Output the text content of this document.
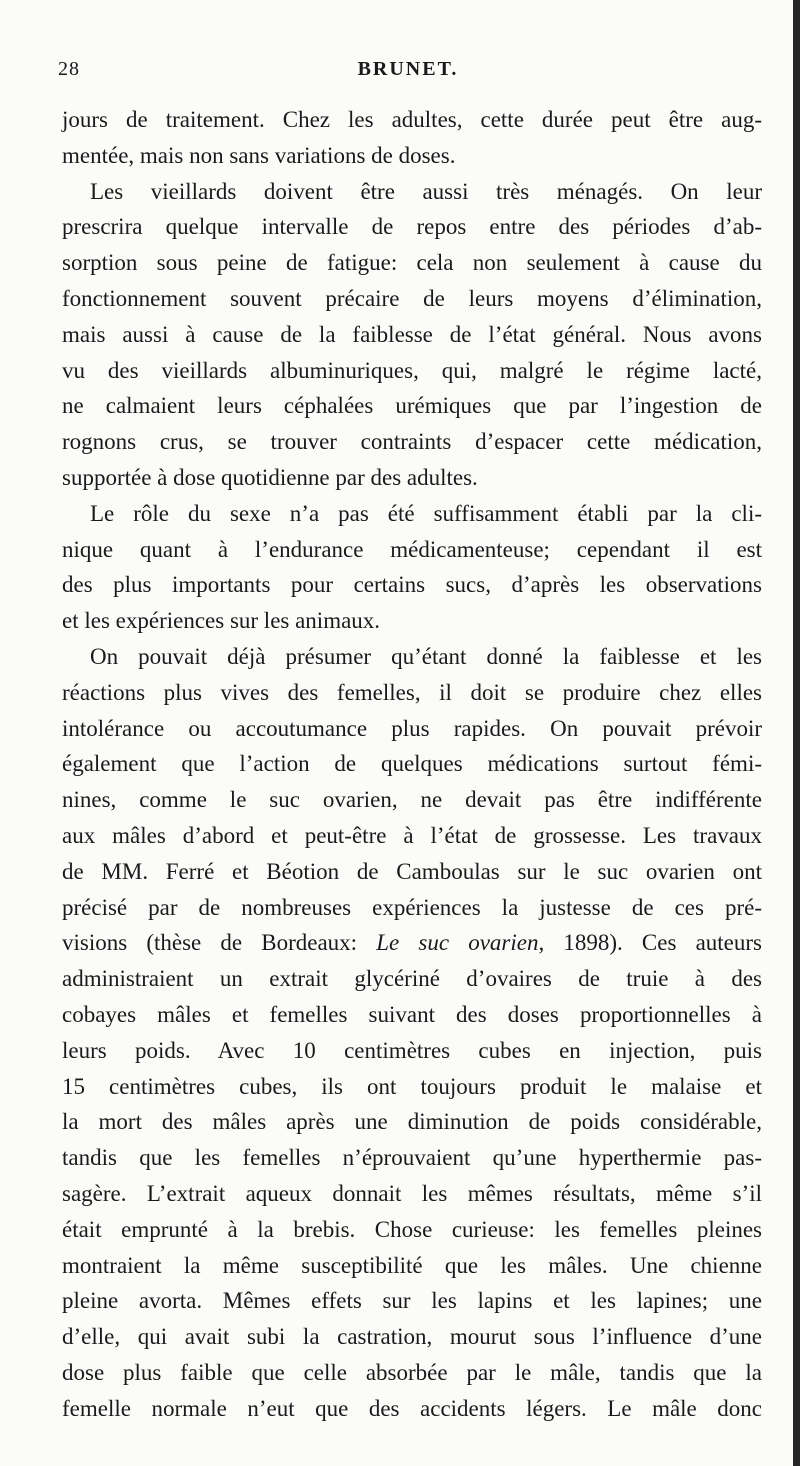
28	BRUNET.
jours de traitement. Chez les adultes, cette durée peut être aug-
mentée, mais non sans variations de doses.
Les vieillards doivent être aussi très ménagés. On leur
prescrira quelque intervalle de repos entre des périodes d’ab-
sorption sous peine de fatigue: cela non seulement à cause du
fonctionnement souvent précaire de leurs moyens d’élimination,
mais aussi à cause de la faiblesse de l’état général. Nous avons
vu des vieillards albuminuriques, qui, malgré le régime lacté,
ne calmaient leurs céphalées urémiques que par l’ingestion de
rognons crus, se trouver contraints d’espacer cette médication,
supportée à dose quotidienne par des adultes.
Le rôle du sexe n’a pas été suffisamment établi par la cli-
nique quant à l’endurance médicamenteuse; cependant il est
des plus importants pour certains sucs, d’après les observations
et les expériences sur les animaux.
On pouvait déjà présumer qu’étant donné la faiblesse et les
réactions plus vives des femelles, il doit se produire chez elles
intolérance ou accoutumance plus rapides. On pouvait prévoir
également que l’action de quelques médications surtout fémi-
nines, comme le suc ovarien, ne devait pas être indifférente
aux mâles d’abord et peut-être à l’état de grossesse. Les travaux
de MM. Ferré et Béotion de Camboulas sur le suc ovarien ont
précisé par de nombreuses expériences la justesse de ces pré-
visions (thèse de Bordeaux: Le suc ovarien, 1898). Ces auteurs
administraient un extrait glycériné d’ovaires de truie à des
cobayes mâles et femelles suivant des doses proportionnelles à
leurs poids. Avec 10 centimètres cubes en injection, puis
15 centimètres cubes, ils ont toujours produit le malaise et
la mort des mâles après une diminution de poids considérable,
tandis que les femelles n’éprouvaient qu’une hyperthermie pas-
sagère. L’extrait aqueux donnait les mêmes résultats, même s’il
était emprunté à la brebis. Chose curieuse: les femelles pleines
montraient la même susceptibilité que les mâles. Une chienne
pleine avorta. Mêmes effets sur les lapins et les lapines; une
d’elle, qui avait subi la castration, mourut sous l’influence d’une
dose plus faible que celle absorbée par le mâle, tandis que la
femelle normale n’eut que des accidents légers. Le mâle donc
